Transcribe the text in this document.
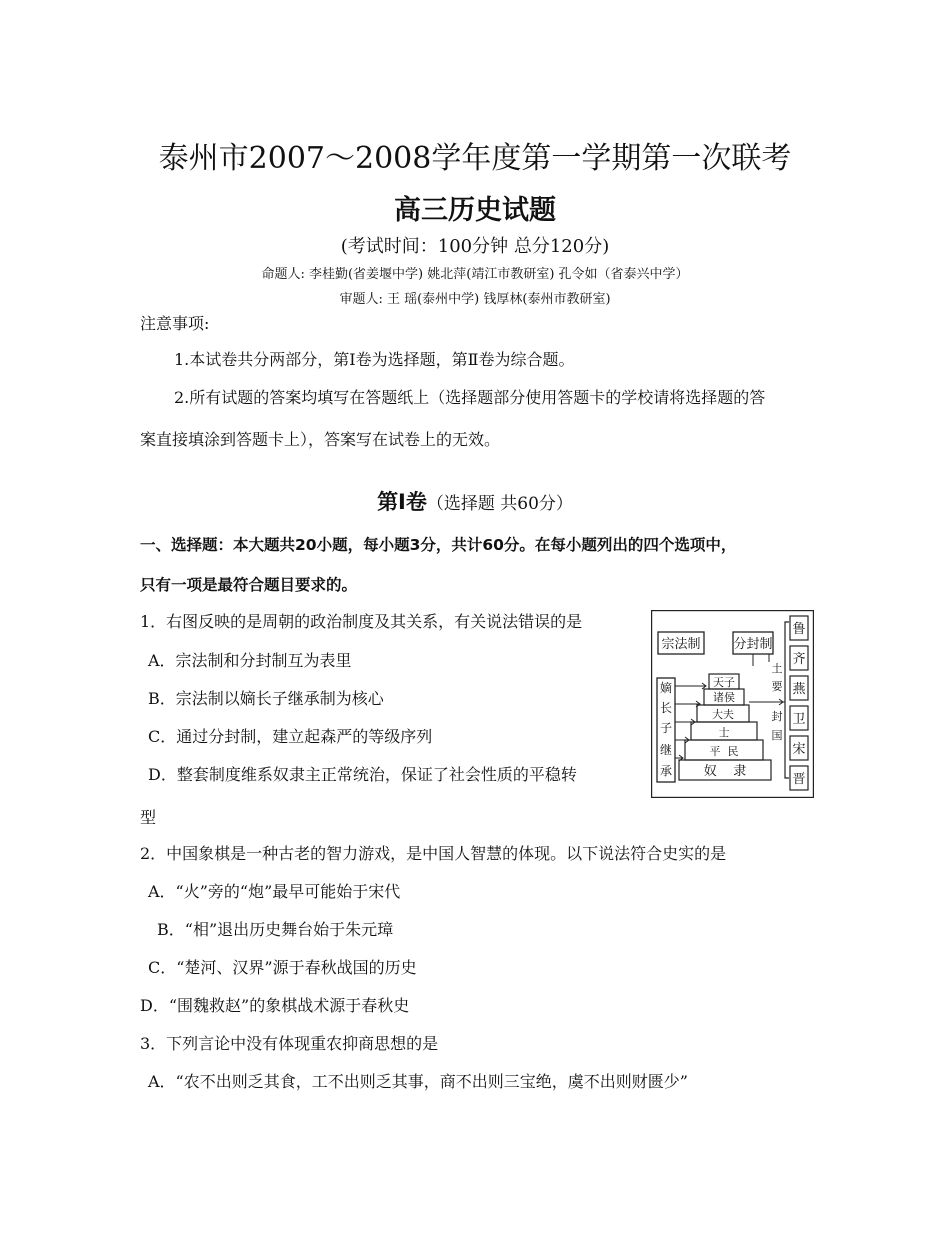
泰州市2007～2008学年度第一学期第一次联考
高三历史试题
(考试时间：100分钟 总分120分)
命题人: 李桂勤(省姜堰中学) 姚北萍(靖江市教研室) 孔令如（省泰兴中学）
审题人: 王 瑶(泰州中学) 钱厚林(泰州市教研室)
注意事项:
1.本试卷共分两部分，第Ⅰ卷为选择题，第Ⅱ卷为综合题。
2.所有试题的答案均填写在答题纸上（选择题部分使用答题卡的学校请将选择题的答
案直接填涂到答题卡上），答案写在试卷上的无效。
第Ⅰ卷（选择题 共60分）
一、选择题：本大题共20小题，每小题3分，共计60分。在每小题列出的四个选项中，
只有一项是最符合题目要求的。
1．右图反映的是周朝的政治制度及其关系，有关说法错误的是
A．宗法制和分封制互为表里
B．宗法制以嫡长子继承制为核心
C．通过分封制，建立起森严的等级序列
D．整套制度维系奴隶主正常统治，保证了社会性质的平稳转
型
2．中国象棋是一种古老的智力游戏，是中国人智慧的体现。以下说法符合史实的是
A．“火”旁的“炮”最早可能始于宋代
B．“相”退出历史舞台始于朱元璋
C．“楚河、汉界”源于春秋战国的历史
D．“围魏救赵”的象棋战术源于春秋史
3．下列言论中没有体现重农抑商思想的是
A．“农不出则乏其食，工不出则乏其事，商不出则三宝绝，虞不出则财匮少”
宗法制	分封制
嫡
长
子
继
承
天子
诸侯
大夫
士
平  民
奴    隶
土
要
封
国
鲁
齐
燕
卫
宋
晋
